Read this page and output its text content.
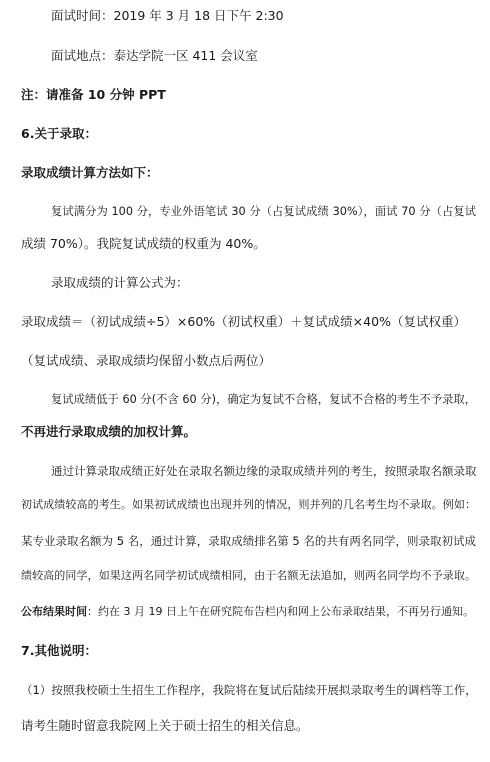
面试时间：2019 年 3 月 18 日下午 2:30
面试地点：泰达学院一区 411 会议室
注：请准备 10 分钟 PPT
6.关于录取：
录取成绩计算方法如下：
复试满分为 100 分，专业外语笔试 30 分（占复试成绩 30%），面试 70 分（占复试
成绩 70%）。我院复试成绩的权重为 40%。
录取成绩的计算公式为：
录取成绩＝（初试成绩÷5）×60%（初试权重）＋复试成绩×40%（复试权重）
（复试成绩、录取成绩均保留小数点后两位）
复试成绩低于 60 分(不含 60 分)，确定为复试不合格，复试不合格的考生不予录取，
不再进行录取成绩的加权计算。
通过计算录取成绩正好处在录取名额边缘的录取成绩并列的考生，按照录取名额录取
初试成绩较高的考生。如果初试成绩也出现并列的情况，则并列的几名考生均不录取。例如：
某专业录取名额为 5 名，通过计算，录取成绩排名第 5 名的共有两名同学，则录取初试成
绩较高的同学，如果这两名同学初试成绩相同，由于名额无法追加，则两名同学均不予录取。
公布结果时间：约在 3 月 19 日上午在研究院布告栏内和网上公布录取结果，不再另行通知。
7.其他说明：
（1）按照我校硕士生招生工作程序，我院将在复试后陆续开展拟录取考生的调档等工作，
请考生随时留意我院网上关于硕士招生的相关信息。
